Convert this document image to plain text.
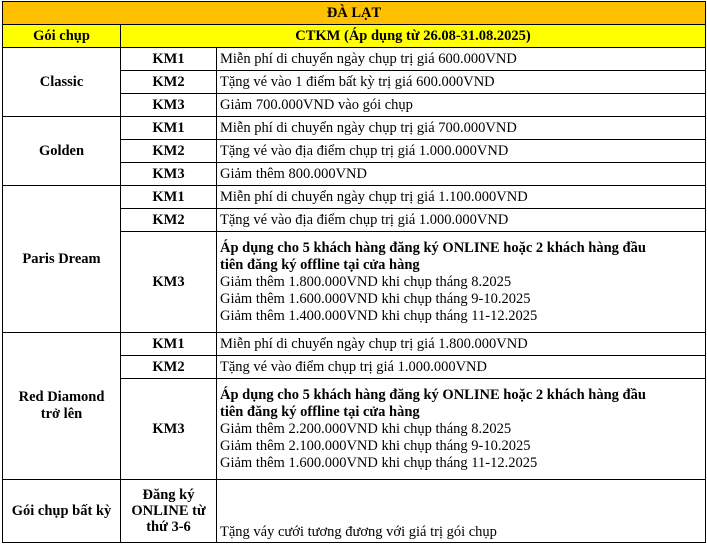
ĐÀ LẠT		
Gói chụp	CTKM (Áp dụng từ 26.08-31.08.2025)	
Classic	KM1	Miễn phí di chuyển ngày chụp trị giá 600.000VND
	KM2	Tặng vé vào 1 điểm bất kỳ trị giá 600.000VND
	KM3	Giảm 700.000VND vào gói chụp
Golden	KM1	Miễn phí di chuyển ngày chụp trị giá 700.000VND
	KM2	Tặng vé vào địa điểm chụp trị giá 1.000.000VND
	KM3	Giảm thêm 800.000VND
Paris Dream	KM1	Miễn phí di chuyển ngày chụp trị giá 1.100.000VND
	KM2	Tặng vé vào địa điểm chụp trị giá 1.000.000VND
	KM3	Áp dụng cho 5 khách hàng đăng ký ONLINE hoặc 2 khách hàng đầu
tiên đăng ký offline tại cửa hàng
Giảm thêm 1.800.000VND khi chụp tháng 8.2025
Giảm thêm 1.600.000VND khi chụp tháng 9-10.2025
Giảm thêm 1.400.000VND khi chụp tháng 11-12.2025

Red Diamond
trở lên	KM1	Miễn phí di chuyển ngày chụp trị giá 1.800.000VND
	KM2	Tặng vé vào điểm chụp trị giá 1.000.000VND
	KM3	Áp dụng cho 5 khách hàng đăng ký ONLINE hoặc 2 khách hàng đầu
tiên đăng ký offline tại cửa hàng
Giảm thêm 2.200.000VND khi chụp tháng 8.2025
Giảm thêm 2.100.000VND khi chụp tháng 9-10.2025
Giảm thêm 1.600.000VND khi chụp tháng 11-12.2025

Gói chụp bất kỳ	Đăng ký
ONLINE từ
thứ 3-6	Tặng váy cưới tương đương với giá trị gói chụp
